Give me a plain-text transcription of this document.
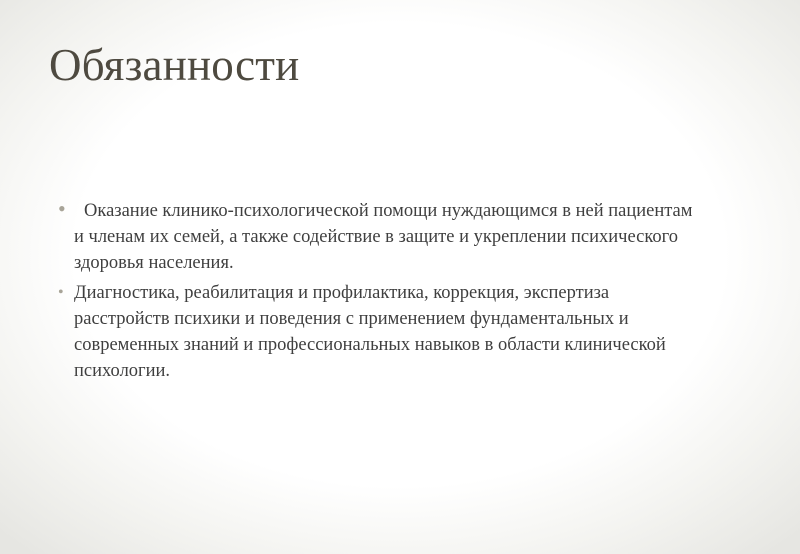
Обязанности
• Оказание клинико-психологической помощи нуждающимся в ней пациентам и членам их семей, а также содействие в защите и укреплении психического здоровья населения.
• Диагностика, реабилитация и профилактика, коррекция, экспертиза расстройств психики и поведения с применением фундаментальных и современных знаний и профессиональных навыков в области клинической психологии.
